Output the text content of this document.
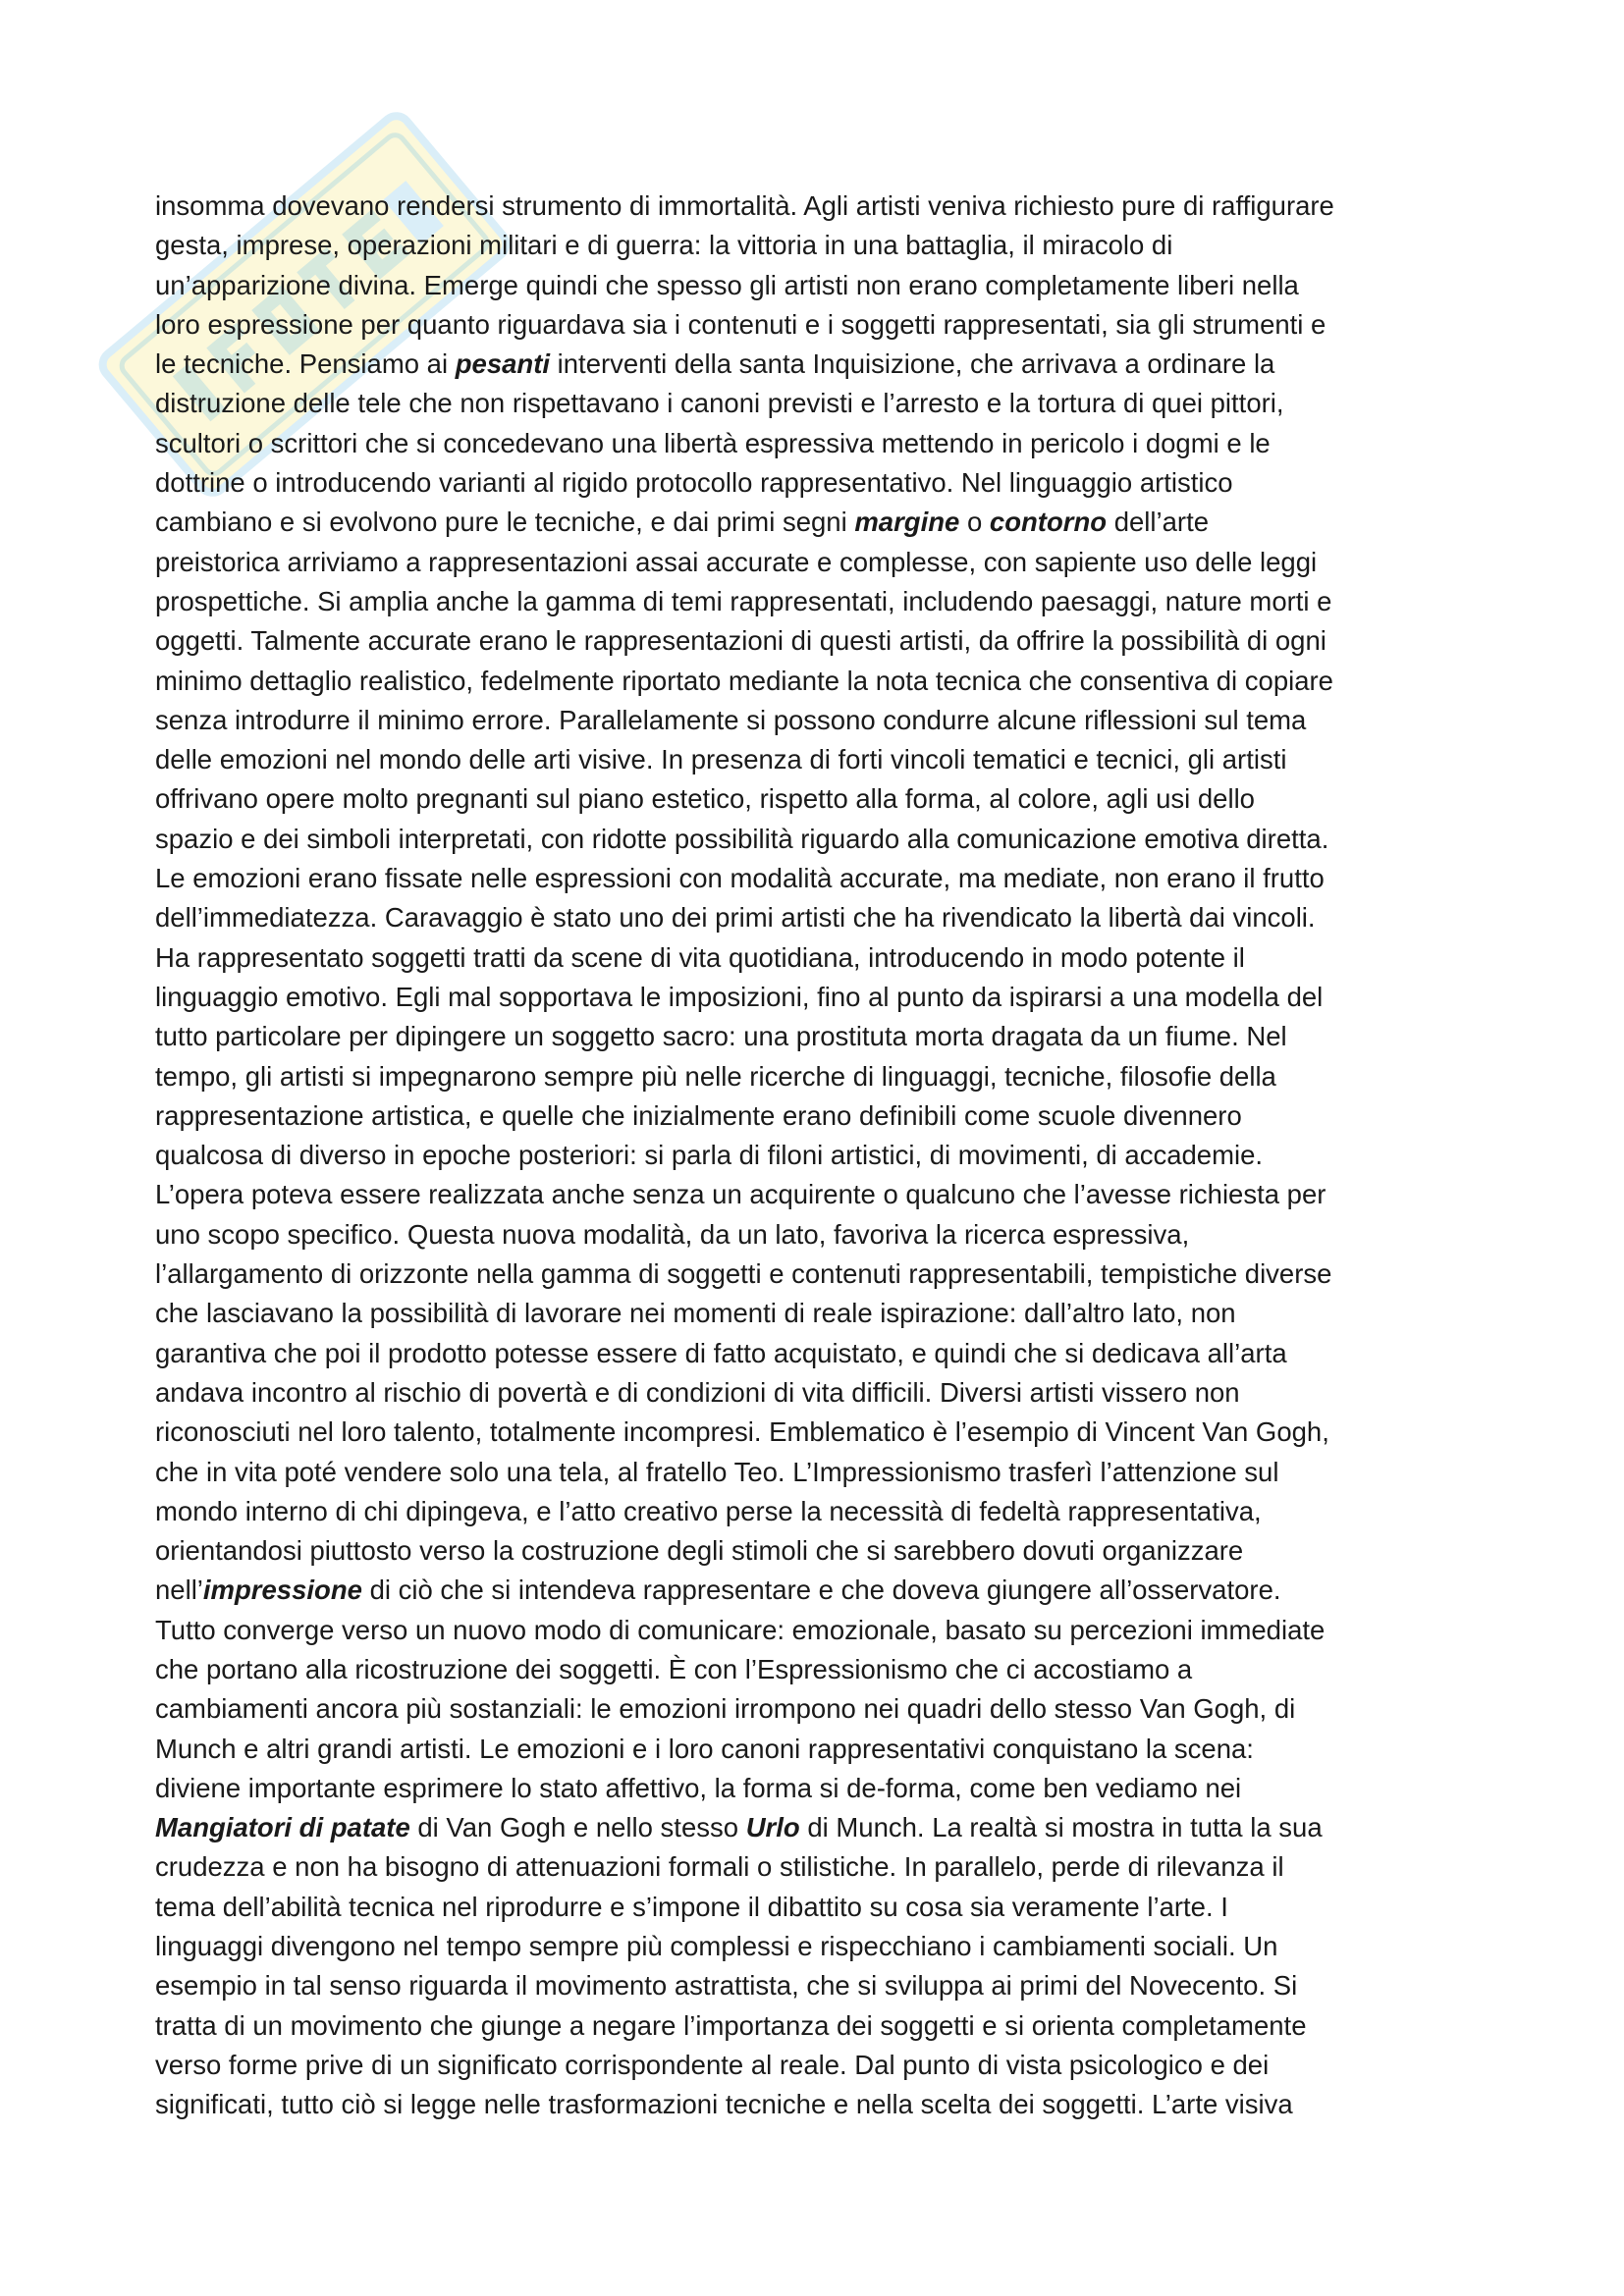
insomma dovevano rendersi strumento di immortalità. Agli artisti veniva richiesto pure di raffigurare

gesta, imprese, operazioni militari e di guerra: la vittoria in una battaglia, il miracolo di

un’apparizione divina. Emerge quindi che spesso gli artisti non erano completamente liberi nella

loro espressione per quanto riguardava sia i contenuti e i soggetti rappresentati, sia gli strumenti e

le tecniche. Pensiamo ai pesanti interventi della santa Inquisizione, che arrivava a ordinare la

distruzione delle tele che non rispettavano i canoni previsti e l’arresto e la tortura di quei pittori,

scultori o scrittori che si concedevano una libertà espressiva mettendo in pericolo i dogmi e le

dottrine o introducendo varianti al rigido protocollo rappresentativo. Nel linguaggio artistico

cambiano e si evolvono pure le tecniche, e dai primi segni margine o contorno dell’arte

preistorica arriviamo a rappresentazioni assai accurate e complesse, con sapiente uso delle leggi

prospettiche. Si amplia anche la gamma di temi rappresentati, includendo paesaggi, nature morti e

oggetti. Talmente accurate erano le rappresentazioni di questi artisti, da offrire la possibilità di ogni

minimo dettaglio realistico, fedelmente riportato mediante la nota tecnica che consentiva di copiare

senza introdurre il minimo errore. Parallelamente si possono condurre alcune riflessioni sul tema

delle emozioni nel mondo delle arti visive. In presenza di forti vincoli tematici e tecnici, gli artisti

offrivano opere molto pregnanti sul piano estetico, rispetto alla forma, al colore, agli usi dello

spazio e dei simboli interpretati, con ridotte possibilità riguardo alla comunicazione emotiva diretta.

Le emozioni erano fissate nelle espressioni con modalità accurate, ma mediate, non erano il frutto

dell’immediatezza. Caravaggio è stato uno dei primi artisti che ha rivendicato la libertà dai vincoli.

Ha rappresentato soggetti tratti da scene di vita quotidiana, introducendo in modo potente il

linguaggio emotivo. Egli mal sopportava le imposizioni, fino al punto da ispirarsi a una modella del

tutto particolare per dipingere un soggetto sacro: una prostituta morta dragata da un fiume. Nel

tempo, gli artisti si impegnarono sempre più nelle ricerche di linguaggi, tecniche, filosofie della

rappresentazione artistica, e quelle che inizialmente erano definibili come scuole divennero

qualcosa di diverso in epoche posteriori: si parla di filoni artistici, di movimenti, di accademie.

L’opera poteva essere realizzata anche senza un acquirente o qualcuno che l’avesse richiesta per

uno scopo specifico. Questa nuova modalità, da un lato, favoriva la ricerca espressiva,

l’allargamento di orizzonte nella gamma di soggetti e contenuti rappresentabili, tempistiche diverse

che lasciavano la possibilità di lavorare nei momenti di reale ispirazione: dall’altro lato, non

garantiva che poi il prodotto potesse essere di fatto acquistato, e quindi che si dedicava all’arta

andava incontro al rischio di povertà e di condizioni di vita difficili. Diversi artisti vissero non

riconosciuti nel loro talento, totalmente incompresi. Emblematico è l’esempio di Vincent Van Gogh,

che in vita poté vendere solo una tela, al fratello Teo. L’Impressionismo trasferì l’attenzione sul

mondo interno di chi dipingeva, e l’atto creativo perse la necessità di fedeltà rappresentativa,

orientandosi piuttosto verso la costruzione degli stimoli che si sarebbero dovuti organizzare

nell’impressione di ciò che si intendeva rappresentare e che doveva giungere all’osservatore.

Tutto converge verso un nuovo modo di comunicare: emozionale, basato su percezioni immediate

che portano alla ricostruzione dei soggetti. È con l’Espressionismo che ci accostiamo a

cambiamenti ancora più sostanziali: le emozioni irrompono nei quadri dello stesso Van Gogh, di

Munch e altri grandi artisti. Le emozioni e i loro canoni rappresentativi conquistano la scena:

diviene importante esprimere lo stato affettivo, la forma si de-forma, come ben vediamo nei

Mangiatori di patate di Van Gogh e nello stesso Urlo di Munch. La realtà si mostra in tutta la sua

crudezza e non ha bisogno di attenuazioni formali o stilistiche. In parallelo, perde di rilevanza il

tema dell’abilità tecnica nel riprodurre e s’impone il dibattito su cosa sia veramente l’arte. I

linguaggi divengono nel tempo sempre più complessi e rispecchiano i cambiamenti sociali. Un

esempio in tal senso riguarda il movimento astrattista, che si sviluppa ai primi del Novecento. Si

tratta di un movimento che giunge a negare l’importanza dei soggetti e si orienta completamente

verso forme prive di un significato corrispondente al reale. Dal punto di vista psicologico e dei

significati, tutto ciò si legge nelle trasformazioni tecniche e nella scelta dei soggetti. L’arte visiva
